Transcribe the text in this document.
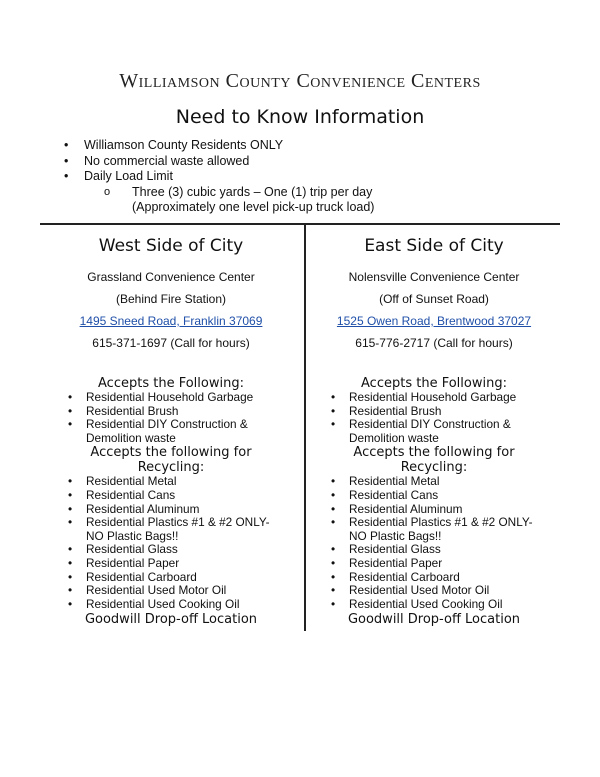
Williamson County Convenience Centers
Need to Know Information
• Williamson County Residents ONLY
• No commercial waste allowed
• Daily Load Limit
o Three (3) cubic yards – One (1) trip per day
(Approximately one level pick-up truck load)
West Side of City
Grassland Convenience Center
(Behind Fire Station)
1495 Sneed Road, Franklin 37069
615-371-1697 (Call for hours)
Accepts the Following:
• Residential Household Garbage
• Residential Brush
• Residential DIY Construction &
Demolition waste
Accepts the following for
Recycling:
• Residential Metal
• Residential Cans
• Residential Aluminum
• Residential Plastics #1 & #2 ONLY-
NO Plastic Bags!!
• Residential Glass
• Residential Paper
• Residential Carboard
• Residential Used Motor Oil
• Residential Used Cooking Oil
Goodwill Drop-off Location
East Side of City
Nolensville Convenience Center
(Off of Sunset Road)
1525 Owen Road, Brentwood 37027
615-776-2717 (Call for hours)
Accepts the Following:
• Residential Household Garbage
• Residential Brush
• Residential DIY Construction &
Demolition waste
Accepts the following for
Recycling:
• Residential Metal
• Residential Cans
• Residential Aluminum
• Residential Plastics #1 & #2 ONLY-
NO Plastic Bags!!
• Residential Glass
• Residential Paper
• Residential Carboard
• Residential Used Motor Oil
• Residential Used Cooking Oil
Goodwill Drop-off Location
